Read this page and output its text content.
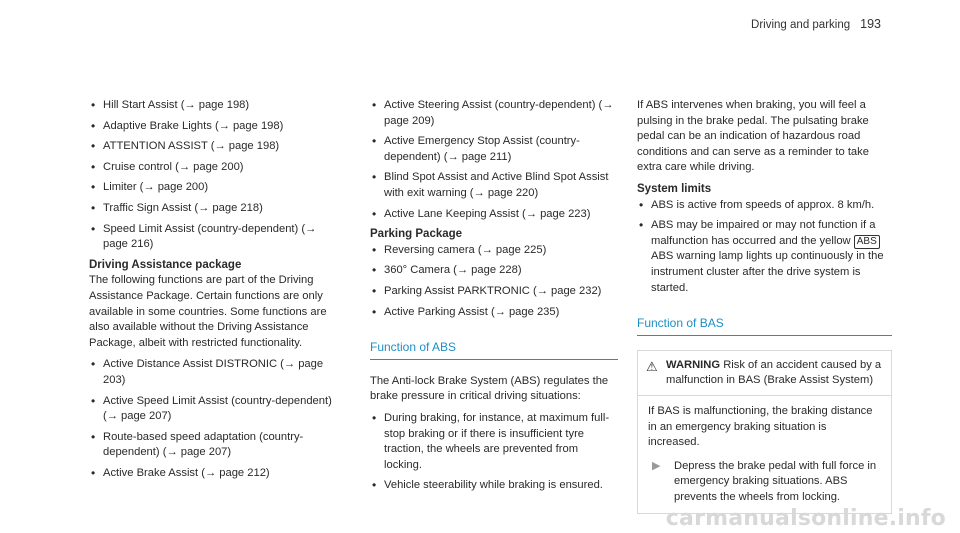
Driving and parking 193
• Hill Start Assist (→ page 198)
• Adaptive Brake Lights (→ page 198)
• ATTENTION ASSIST (→ page 198)
• Cruise control (→ page 200)
• Limiter (→ page 200)
• Traffic Sign Assist (→ page 218)
• Speed Limit Assist (country-dependent) (→ page 216)
Driving Assistance package

The following functions are part of the Driving Assistance Package. Certain functions are only available in some countries. Some functions are also available without the Driving Assistance Package, albeit with restricted functionality.

• Active Distance Assist DISTRONIC (→ page 203)
• Active Speed Limit Assist (country-dependent) (→ page 207)
• Route-based speed adaptation (country-dependent) (→ page 207)
• Active Brake Assist (→ page 212)
• Active Steering Assist (country-dependent) (→ page 209)
• Active Emergency Stop Assist (country-dependent) (→ page 211)
• Blind Spot Assist and Active Blind Spot Assist with exit warning (→ page 220)
• Active Lane Keeping Assist (→ page 223)
Parking Package
• Reversing camera (→ page 225)
• 360° Camera (→ page 228)
• Parking Assist PARKTRONIC (→ page 232)
• Active Parking Assist (→ page 235)
Function of ABS

The Anti-lock Brake System (ABS) regulates the brake pressure in critical driving situations:

• During braking, for instance, at maximum full-stop braking or if there is insufficient tyre traction, the wheels are prevented from locking.
• Vehicle steerability while braking is ensured.

If ABS intervenes when braking, you will feel a pulsing in the brake pedal. The pulsating brake pedal can be an indication of hazardous road conditions and can serve as a reminder to take extra care while driving.

System limits
• ABS is active from speeds of approx. 8 km/h.
• ABS may be impaired or may not function if a malfunction has occurred and the yellow ABS ABS warning lamp lights up continuously in the instrument cluster after the drive system is started.
Function of BAS
⚠ WARNING Risk of an accident caused by a malfunction in BAS (Brake Assist System)

If BAS is malfunctioning, the braking distance in an emergency braking situation is increased.

▶	Depress the brake pedal with full force in emergency braking situations. ABS prevents the wheels from locking.
carmanualsonline.info
